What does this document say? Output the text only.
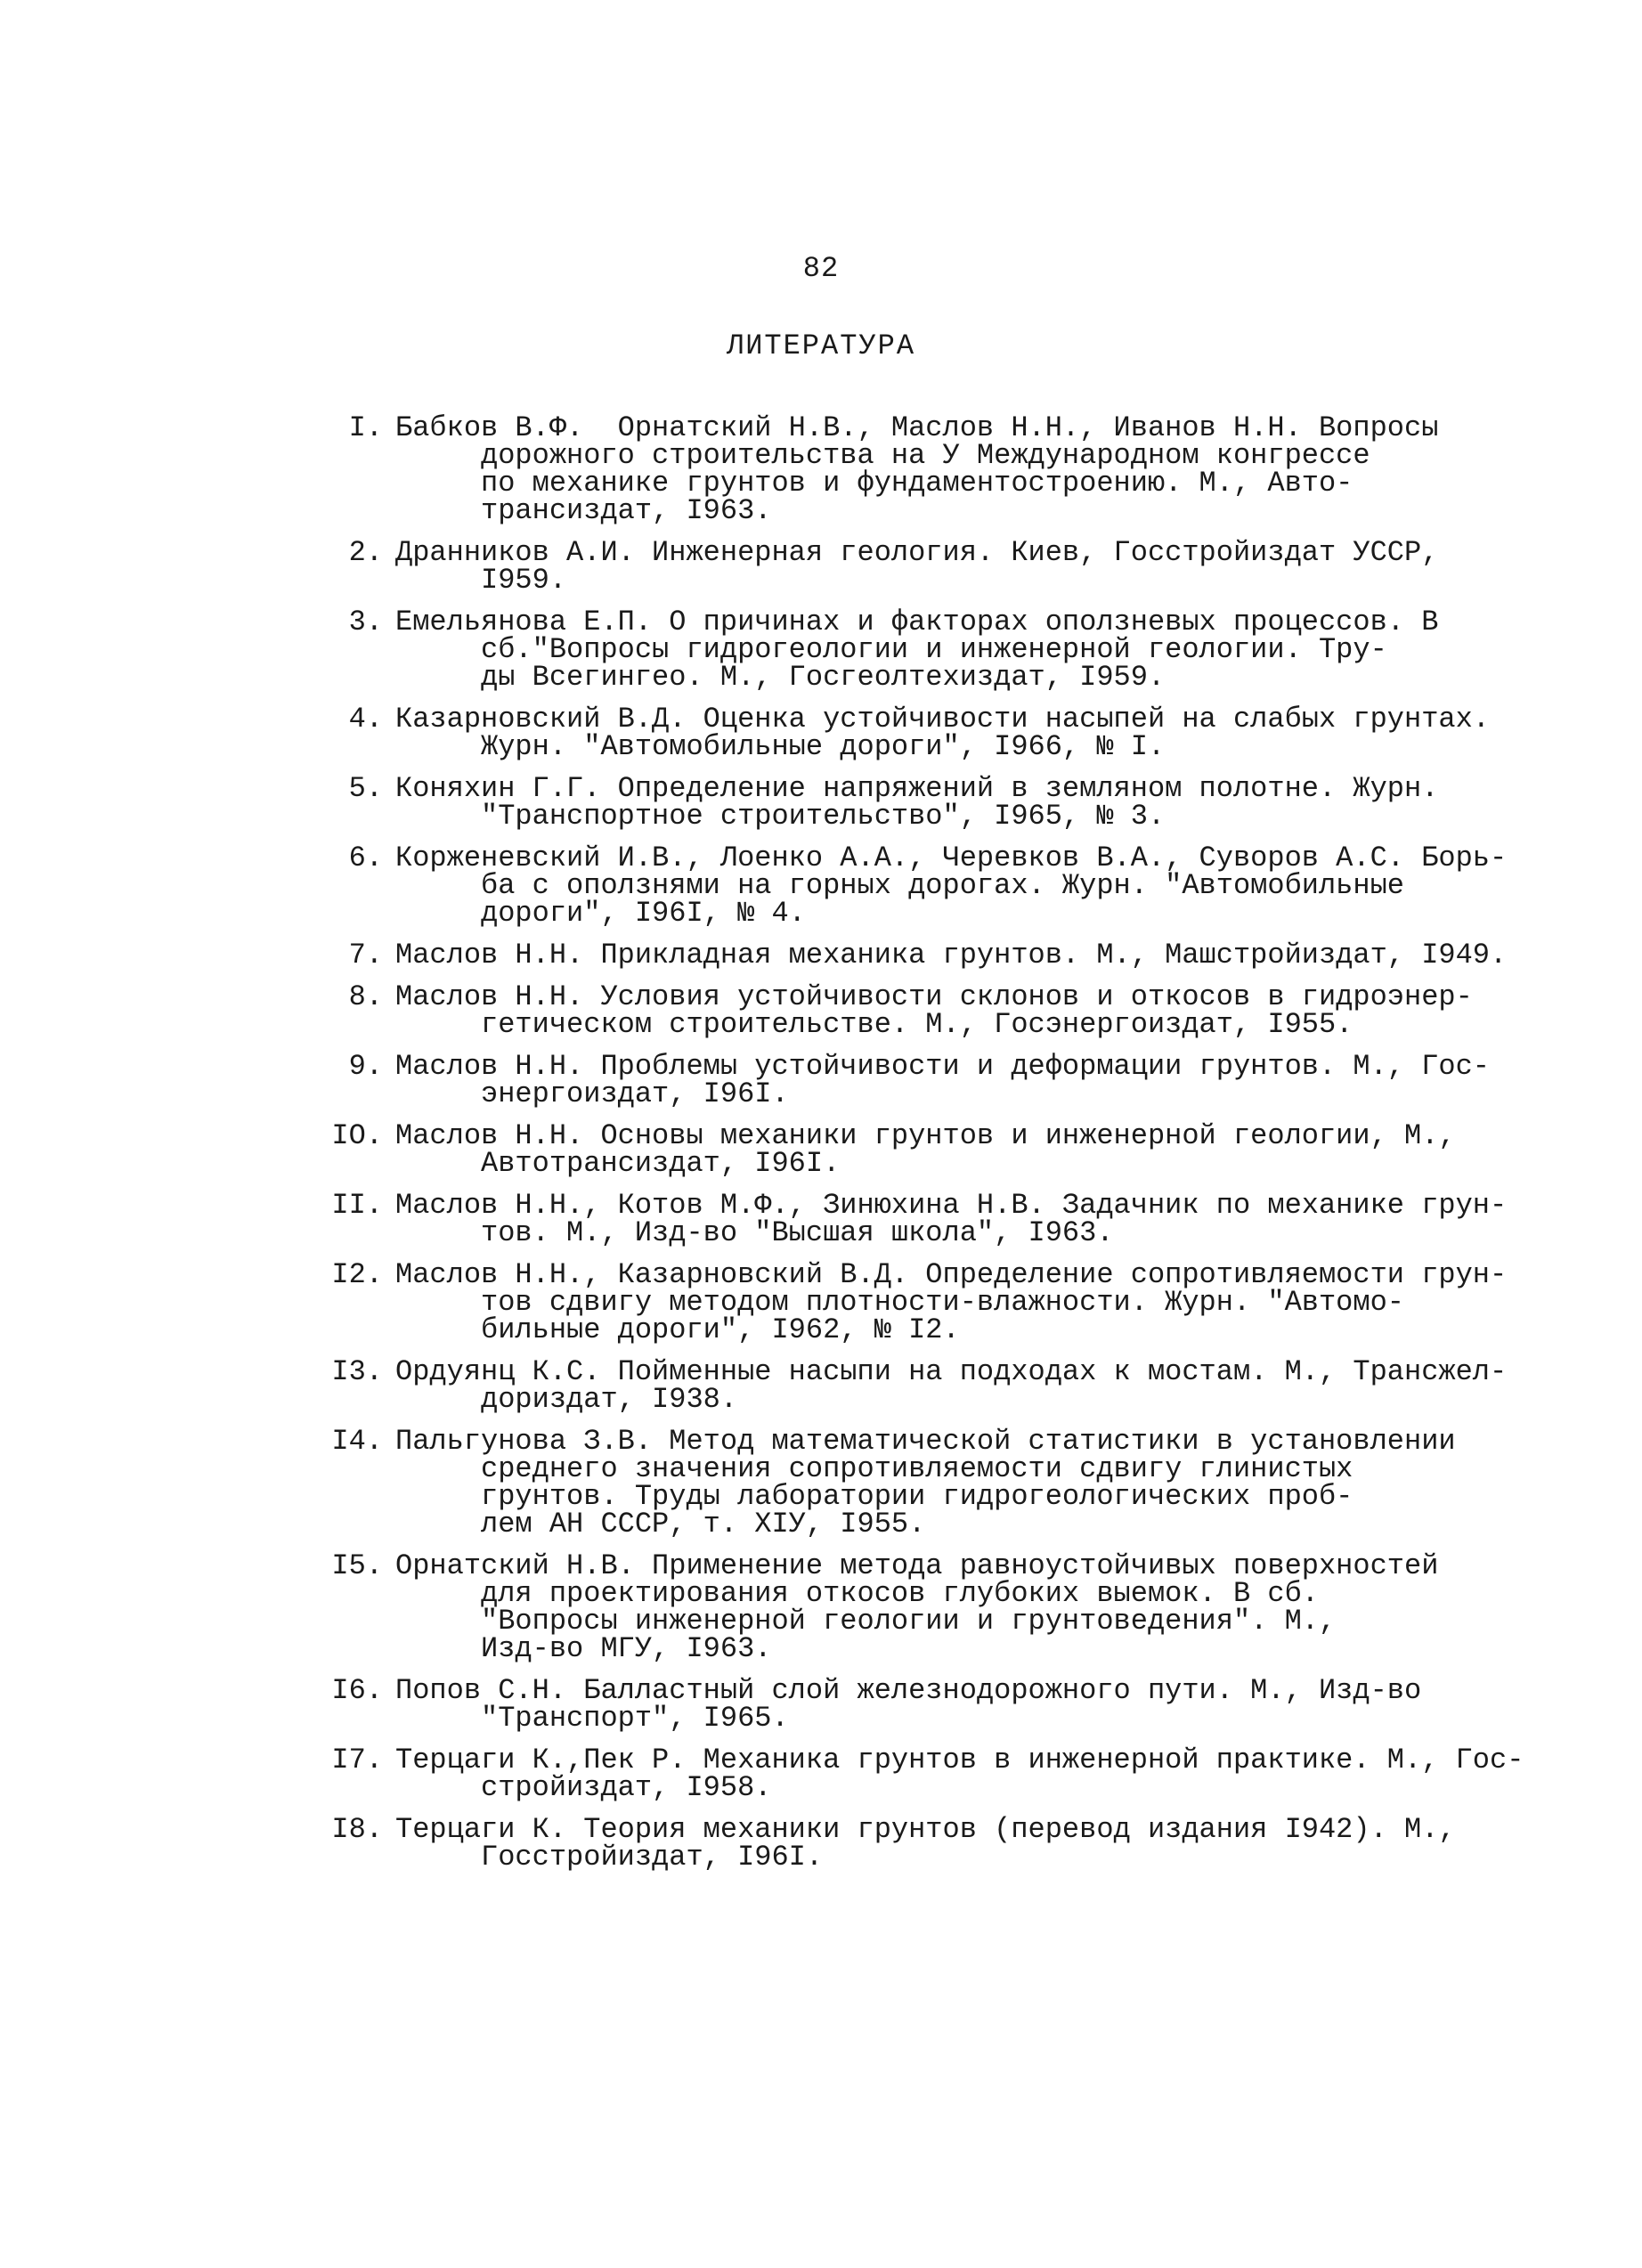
82
ЛИТЕРАТУРА
I. Бабков В.Ф.  Орнатский Н.В., Маслов Н.Н., Иванов Н.Н. Вопросы
дорожного строительства на У Международном конгрессе
по механике грунтов и фундаментостроению. М., Авто-
трансиздат, I963.
2. Дранников А.И. Инженерная геология. Киев, Госстройиздат УССР,
I959.
3. Емельянова Е.П. О причинах и факторах оползневых процессов. В
сб."Вопросы гидрогеологии и инженерной геологии. Тру-
ды Всегингео. М., Госгеолтехиздат, I959.
4. Казарновский В.Д. Оценка устойчивости насыпей на слабых грунтах.
Журн. "Автомобильные дороги", I966, № I.
5. Коняхин Г.Г. Определение напряжений в земляном полотне. Журн.
"Транспортное строительство", I965, № 3.
6. Корженевский И.В., Лоенко А.А., Черевков В.А., Суворов А.С. Борь-
ба с оползнями на горных дорогах. Журн. "Автомобильные
дороги", I96I, № 4.
7. Маслов Н.Н. Прикладная механика грунтов. М., Машстройиздат, I949.
8. Маслов Н.Н. Условия устойчивости склонов и откосов в гидроэнер-
гетическом строительстве. М., Госэнергоиздат, I955.
9. Маслов Н.Н. Проблемы устойчивости и деформации грунтов. М., Гос-
энергоиздат, I96I.
IO. Маслов Н.Н. Основы механики грунтов и инженерной геологии, М.,
Автотрансиздат, I96I.
II. Маслов Н.Н., Котов М.Ф., Зинюхина Н.В. Задачник по механике грун-
тов. М., Изд-во "Высшая школа", I963.
I2. Маслов Н.Н., Казарновский В.Д. Определение сопротивляемости грун-
тов сдвигу методом плотности-влажности. Журн. "Автомо-
бильные дороги", I962, № I2.
I3. Ордуянц К.С. Пойменные насыпи на подходах к мостам. М., Трансжел-
дориздат, I938.
I4. Пальгунова З.В. Метод математической статистики в установлении
среднего значения сопротивляемости сдвигу глинистых
грунтов. Труды лаборатории гидрогеологических проб-
лем АН СССР, т. XIУ, I955.
I5. Орнатский Н.В. Применение метода равноустойчивых поверхностей
для проектирования откосов глубоких выемок. В сб.
"Вопросы инженерной геологии и грунтоведения". М.,
Изд-во МГУ, I963.
I6. Попов С.Н. Балластный слой железнодорожного пути. М., Изд-во
"Транспорт", I965.
I7. Терцаги К.,Пек Р. Механика грунтов в инженерной практике. М., Гос-
стройиздат, I958.
I8. Терцаги К. Теория механики грунтов (перевод издания I942). М.,
Госстройиздат, I96I.
